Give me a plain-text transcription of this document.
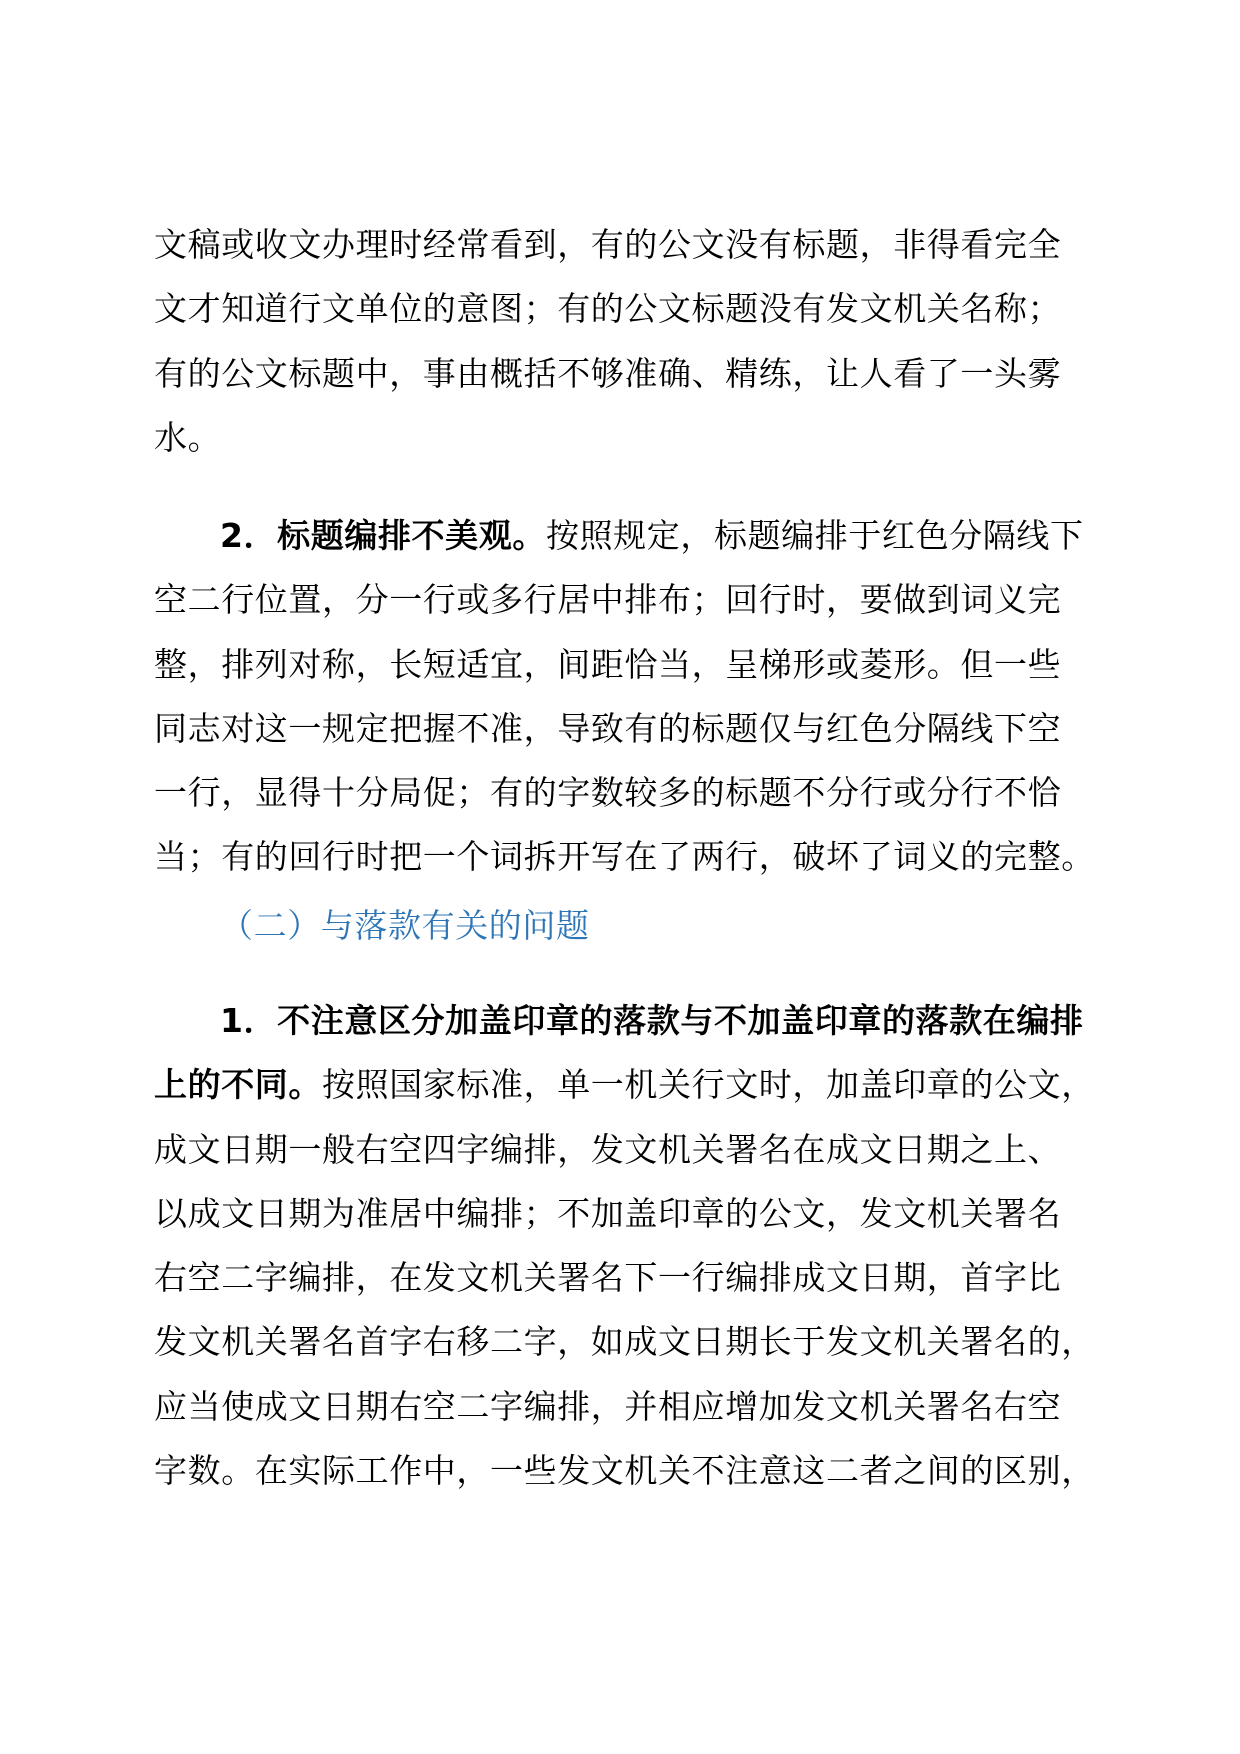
文稿或收文办理时经常看到，有的公文没有标题，非得看完全
文才知道行文单位的意图；有的公文标题没有发文机关名称；
有的公文标题中，事由概括不够准确、精练，让人看了一头雾
水。
2．标题编排不美观。按照规定，标题编排于红色分隔线下
空二行位置，分一行或多行居中排布；回行时，要做到词义完
整，排列对称，长短适宜，间距恰当，呈梯形或菱形。但一些
同志对这一规定把握不准，导致有的标题仅与红色分隔线下空
一行，显得十分局促；有的字数较多的标题不分行或分行不恰
当；有的回行时把一个词拆开写在了两行，破坏了词义的完整。
（二）与落款有关的问题
1．不注意区分加盖印章的落款与不加盖印章的落款在编排
上的不同。按照国家标准，单一机关行文时，加盖印章的公文，
成文日期一般右空四字编排，发文机关署名在成文日期之上、
以成文日期为准居中编排；不加盖印章的公文，发文机关署名
右空二字编排，在发文机关署名下一行编排成文日期，首字比
发文机关署名首字右移二字，如成文日期长于发文机关署名的，
应当使成文日期右空二字编排，并相应增加发文机关署名右空
字数。在实际工作中，一些发文机关不注意这二者之间的区别，
